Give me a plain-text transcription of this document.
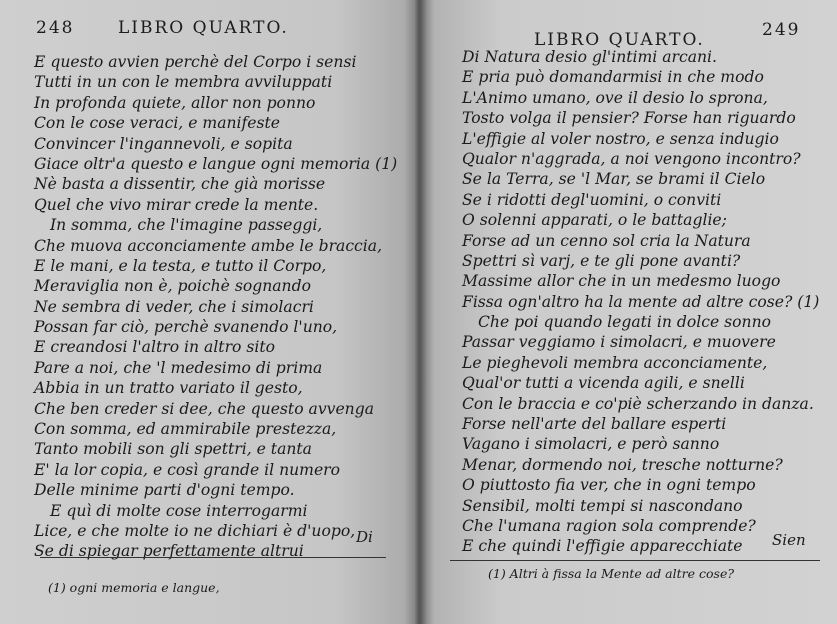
248	LIBRO QUARTO.
E questo avvien perchè del Corpo i sensi
Tutti in un con le membra avviluppati
In profonda quiete, allor non ponno
Con le cose veraci, e manifeste
Convincer l'ingannevoli, e sopita
Giace oltr'a questo e langue ogni memoria (1)
Nè basta a dissentir, che già morisse
Quel che vivo mirar crede la mente.
In somma, che l'imagine passeggi,
Che muova acconciamente ambe le braccia,
E le mani, e la testa, e tutto il Corpo,
Meraviglia non è, poichè sognando
Ne sembra di veder, che i simolacri
Possan far ciò, perchè svanendo l'uno,
E creandosi l'altro in altro sito
Pare a noi, che 'l medesimo di prima
Abbia in un tratto variato il gesto,
Che ben creder si dee, che questo avvenga
Con somma, ed ammirabile prestezza,
Tanto mobili son gli spettri, e tanta
E' la lor copia, e così grande il numero
Delle minime parti d'ogni tempo.
E quì di molte cose interrogarmi
Lice, e che molte io ne dichiari è d'uopo,
Se di spiegar perfettamente altrui
Di
(1) ogni memoria e langue,
LIBRO QUARTO.	249
Di Natura desio gl'intimi arcani.
E pria può domandarmisi in che modo
L'Animo umano, ove il desio lo sprona,
Tosto volga il pensier? Forse han riguardo
L'effigie al voler nostro, e senza indugio
Qualor n'aggrada, a noi vengono incontro?
Se la Terra, se 'l Mar, se brami il Cielo
Se i ridotti degl'uomini, o conviti
O solenni apparati, o le battaglie;
Forse ad un cenno sol cria la Natura
Spettri sì varj, e te gli pone avanti?
Massime allor che in un medesmo luogo
Fissa ogn'altro ha la mente ad altre cose? (1)
Che poi quando legati in dolce sonno
Passar veggiamo i simolacri, e muovere
Le pieghevoli membra acconciamente,
Qual'or tutti a vicenda agili, e snelli
Con le braccia e co'piè scherzando in danza.
Forse nell'arte del ballare esperti
Vagano i simolacri, e però sanno
Menar, dormendo noi, tresche notturne?
O piuttosto fia ver, che in ogni tempo
Sensibil, molti tempi si nascondano
Che l'umana ragion sola comprende?
E che quindi l'effigie apparecchiate	Sien
(1) Altri à fissa la Mente ad altre cose?
